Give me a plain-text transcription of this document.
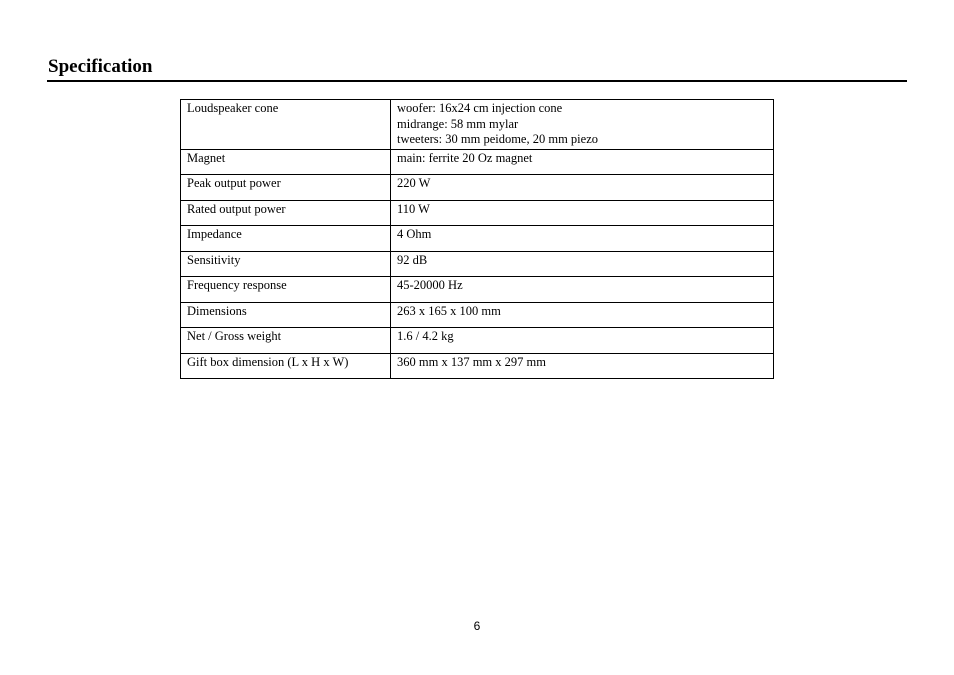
Specification
Loudspeaker cone	woofer: 16x24 cm injection cone
midrange: 58 mm mylar
tweeters: 30 mm peidome, 20 mm piezo

Magnet	main: ferrite 20 Oz magnet
Peak output power	220 W
Rated output power	110 W
Impedance	4 Ohm
Sensitivity	92 dB
Frequency response	45-20000 Hz
Dimensions	263 x 165 x 100 mm
Net / Gross weight	1.6 / 4.2 kg
Gift box dimension (L x H x W)	360 mm x 137 mm x 297 mm
6
